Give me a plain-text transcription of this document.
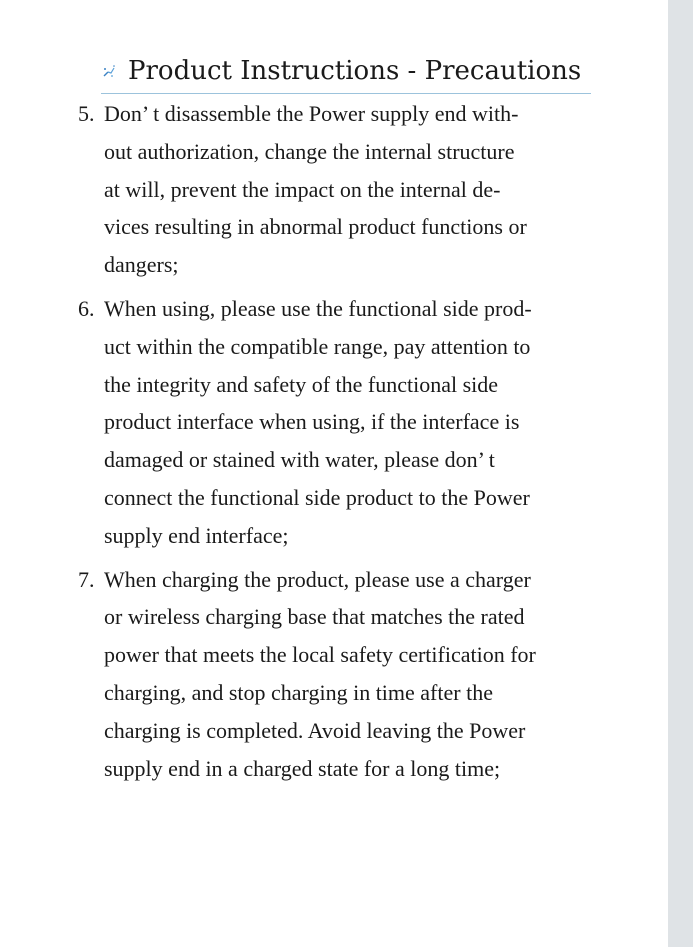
Product Instructions - Precautions
5. Don’ t disassemble the Power supply end with-
out authorization, change the internal structure
at will, prevent the impact on the internal de-
vices resulting in abnormal product functions or
dangers;
6. When using, please use the functional side prod-
uct within the compatible range, pay attention to
the integrity and safety of the functional side
product interface when using, if the interface is
damaged or stained with water, please don’ t
connect the functional side product to the Power
supply end interface;
7. When charging the product, please use a charger
or wireless charging base that matches the rated
power that meets the local safety certification for
charging, and stop charging in time after the
charging is completed. Avoid leaving the Power
supply end in a charged state for a long time;
